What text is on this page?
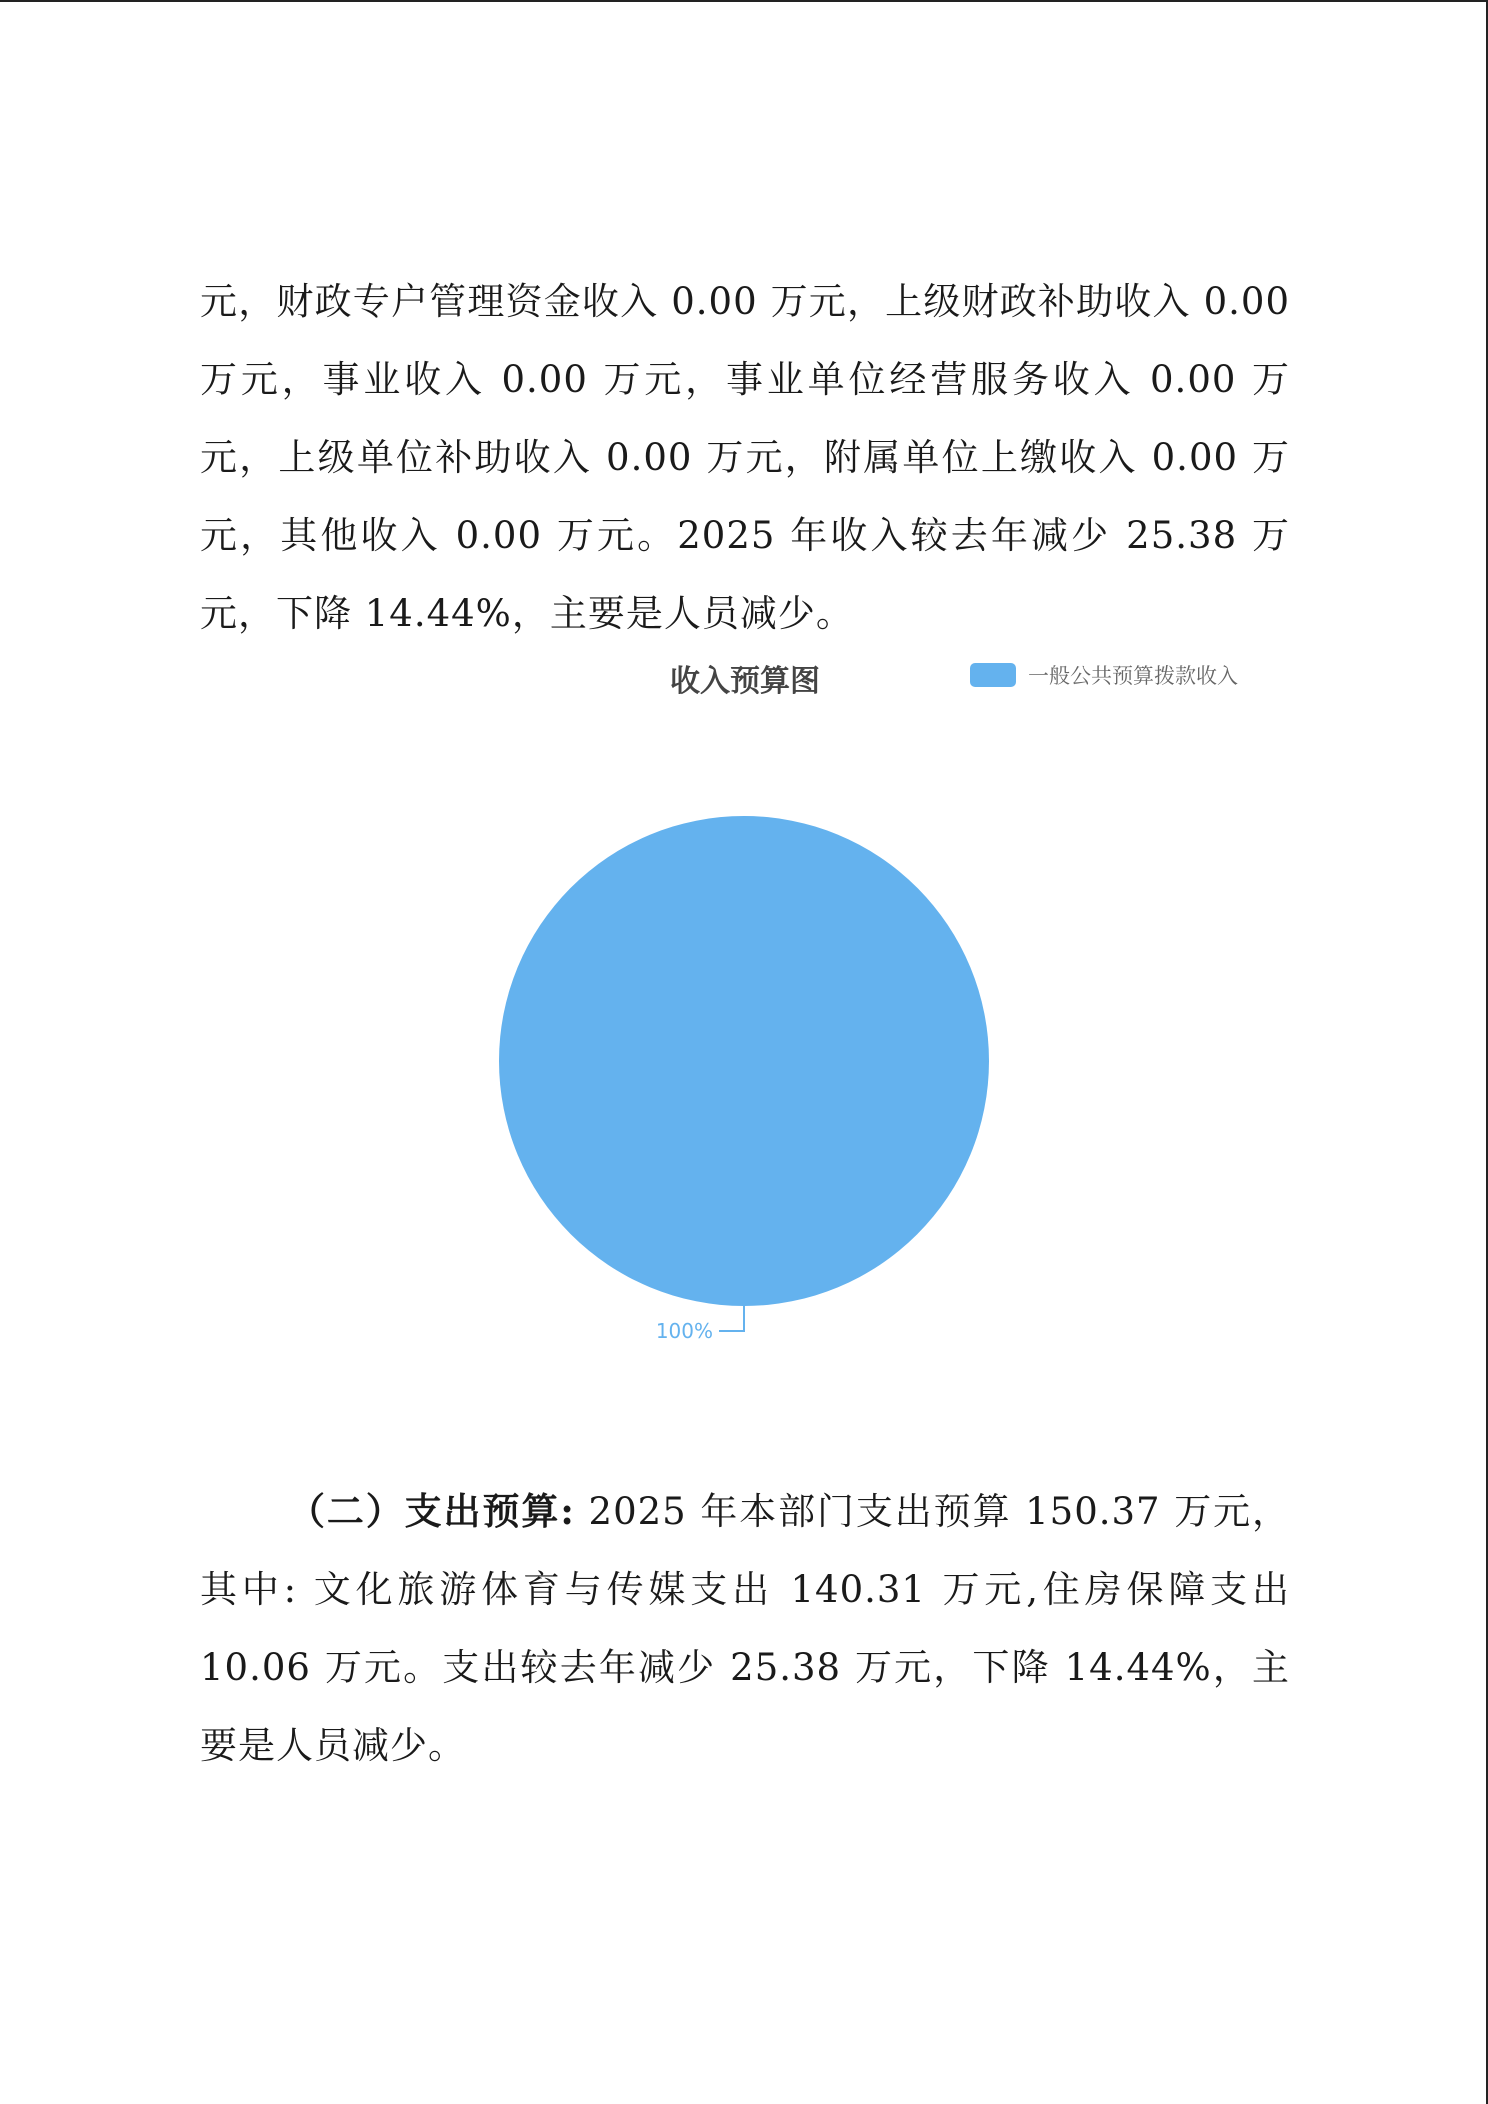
元，财政专户管理资金收入 0.00 万元，上级财政补助收入 0.00 万元，事业收入 0.00 万元，事业单位经营服务收入 0.00 万元，上级单位补助收入 0.00 万元，附属单位上缴收入 0.00 万元，其他收入 0.00 万元。2025 年收入较去年减少 25.38 万元，下降 14.44%，主要是人员减少。

100%
收入预算图	一般公共预算拨款收入

（二）支出预算: 2025 年本部门支出预算 150.37 万元，其中: 文化旅游体育与传媒支出 140.31 万元,住房保障支出 10.06 万元。支出较去年减少 25.38 万元，下降 14.44%，主要是人员减少。
